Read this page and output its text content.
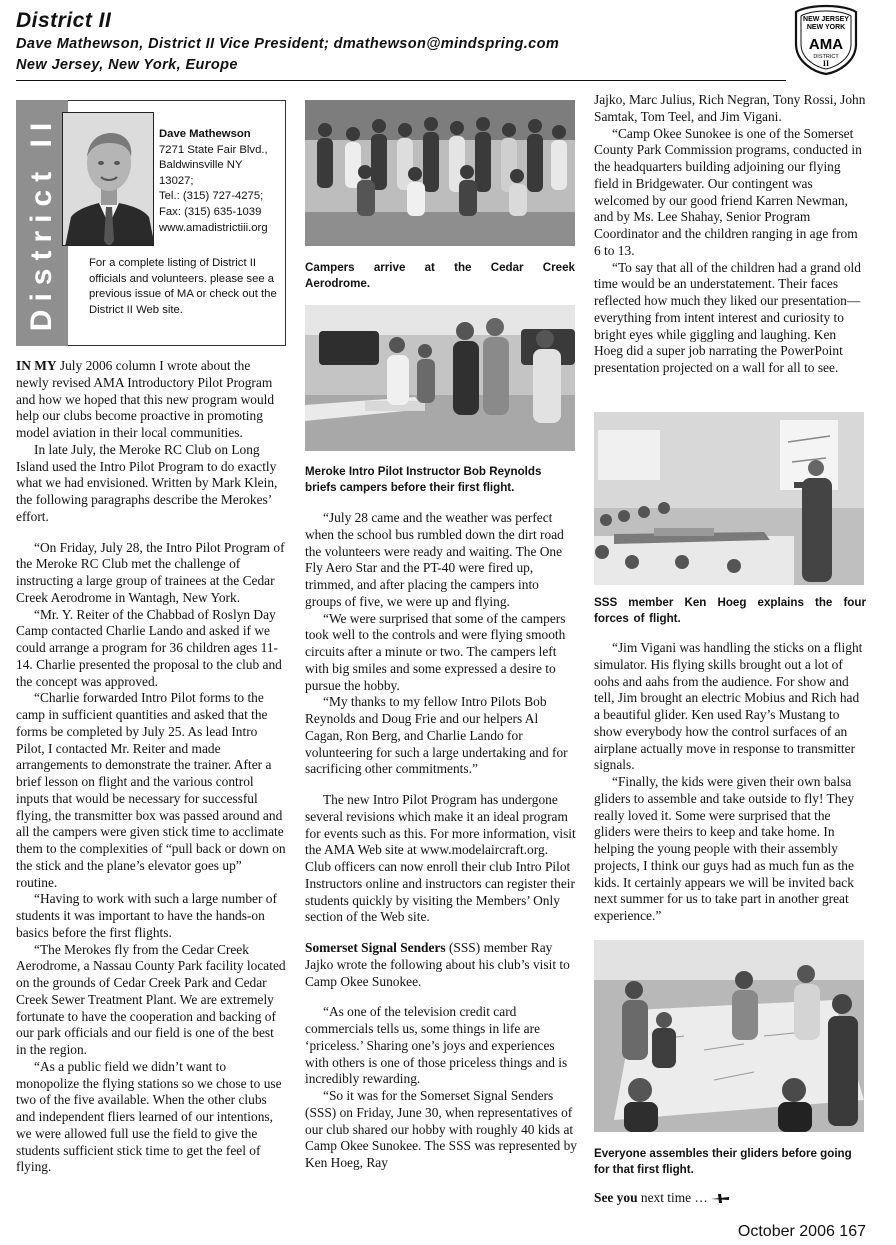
District II
Dave Mathewson, District II Vice President; dmathewson@mindspring.com
New Jersey, New York, Europe
NEW JERSEY
NEW YORK
AMA
DISTRICT
II
District II	Dave Mathewson
7271 State Fair Blvd.,
Baldwinsville NY
13027;
Tel.: (315) 727-4275;
Fax: (315) 635-1039
www.amadistrictiii.org
For a complete listing of District II officials and volunteers. please see a previous issue of MA or check out the District II Web site.

IN MY July 2006 column I wrote about the newly revised AMA Introductory Pilot Program and how we hoped that this new program would help our clubs become proactive in promoting model aviation in their local communities.

In late July, the Meroke RC Club on Long Island used the Intro Pilot Program to do exactly what we had envisioned. Written by Mark Klein, the following paragraphs describe the Merokes’ effort.

“On Friday, July 28, the Intro Pilot Program of the Meroke RC Club met the challenge of instructing a large group of trainees at the Cedar Creek Aerodrome in Wantagh, New York.

“Mr. Y. Reiter of the Chabbad of Roslyn Day Camp contacted Charlie Lando and asked if we could arrange a program for 36 children ages 11-14. Charlie presented the proposal to the club and the concept was approved.

“Charlie forwarded Intro Pilot forms to the camp in sufficient quantities and asked that the forms be completed by July 25. As lead Intro Pilot, I contacted Mr. Reiter and made arrangements to demonstrate the trainer. After a brief lesson on flight and the various control inputs that would be necessary for successful flying, the transmitter box was passed around and all the campers were given stick time to acclimate them to the complexities of “pull back or down on the stick and the plane’s elevator goes up” routine.

“Having to work with such a large number of students it was important to have the hands-on basics before the first flights.

“The Merokes fly from the Cedar Creek Aerodrome, a Nassau County Park facility located on the grounds of Cedar Creek Park and Cedar Creek Sewer Treatment Plant. We are extremely fortunate to have the cooperation and backing of our park officials and our field is one of the best in the region.

“As a public field we didn’t want to monopolize the flying stations so we chose to use two of the five available. When the other clubs and independent fliers learned of our intentions, we were allowed full use the field to give the students sufficient stick time to get the feel of flying.

Campers arrive at the Cedar Creek Aerodrome.
Meroke Intro Pilot Instructor Bob Reynolds briefs campers before their first flight.

“July 28 came and the weather was perfect when the school bus rumbled down the dirt road the volunteers were ready and waiting. The One Fly Aero Star and the PT-40 were fired up, trimmed, and after placing the campers into groups of five, we were up and flying.

“We were surprised that some of the campers took well to the controls and were flying smooth circuits after a minute or two. The campers left with big smiles and some expressed a desire to pursue the hobby.

“My thanks to my fellow Intro Pilots Bob Reynolds and Doug Frie and our helpers Al Cagan, Ron Berg, and Charlie Lando for volunteering for such a large undertaking and for sacrificing other commitments.”

The new Intro Pilot Program has undergone several revisions which make it an ideal program for events such as this. For more information, visit the AMA Web site at www.modelaircraft.org. Club officers can now enroll their club Intro Pilot Instructors online and instructors can register their students quickly by visiting the Members’ Only section of the Web site.

Somerset Signal Senders (SSS) member Ray Jajko wrote the following about his club’s visit to Camp Okee Sunokee.

“As one of the television credit card commercials tells us, some things in life are ‘priceless.’ Sharing one’s joys and experiences with others is one of those priceless things and is incredibly rewarding.

“So it was for the Somerset Signal Senders (SSS) on Friday, June 30, when representatives of our club shared our hobby with roughly 40 kids at Camp Okee Sunokee. The SSS was represented by Ken Hoeg, Ray

Jajko, Marc Julius, Rich Negran, Tony Rossi, John Samtak, Tom Teel, and Jim Vigani.

“Camp Okee Sunokee is one of the Somerset County Park Commission programs, conducted in the headquarters building adjoining our flying field in Bridgewater. Our contingent was welcomed by our good friend Karren Newman, and by Ms. Lee Shahay, Senior Program Coordinator and the children ranging in age from 6 to 13.

“To say that all of the children had a grand old time would be an understatement. Their faces reflected how much they liked our presentation—everything from intent interest and curiosity to bright eyes while giggling and laughing. Ken Hoeg did a super job narrating the PowerPoint presentation projected on a wall for all to see.

SSS member Ken Hoeg explains the four forces of flight.

“Jim Vigani was handling the sticks on a flight simulator. His flying skills brought out a lot of oohs and aahs from the audience. For show and tell, Jim brought an electric Mobius and Rich had a beautiful glider. Ken used Ray’s Mustang to show everybody how the control surfaces of an airplane actually move in response to transmitter signals.

“Finally, the kids were given their own balsa gliders to assemble and take outside to fly! They really loved it. Some were surprised that the gliders were theirs to keep and take home. In helping the young people with their assembly projects, I think our guys had as much fun as the kids. It certainly appears we will be invited back next summer for us to take part in another great experience.”

Everyone assembles their gliders before going for that first flight.

See you next time …

October 2006 167
